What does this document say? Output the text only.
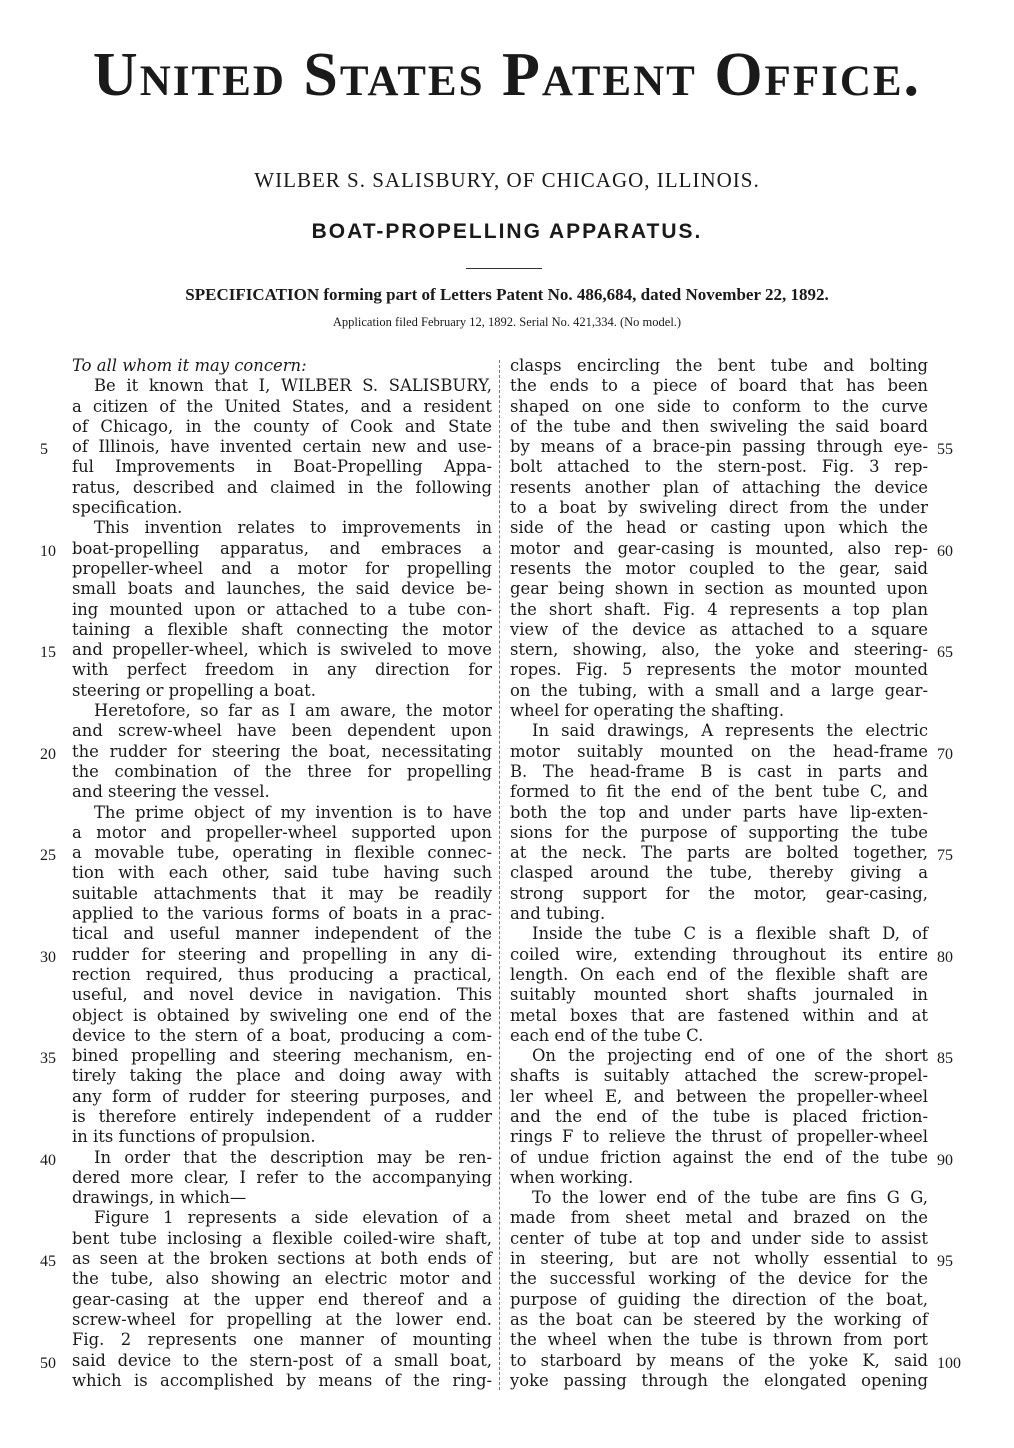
United States Patent Office.

WILBER S. SALISBURY, OF CHICAGO, ILLINOIS.

BOAT-PROPELLING APPARATUS.

SPECIFICATION forming part of Letters Patent No. 486,684, dated November 22, 1892.

Application filed February 12, 1892. Serial No. 421,334. (No model.)

To all whom it may concern:
Be it known that I, WILBER S. SALISBURY,
a citizen of the United States, and a resident
of Chicago, in the county of Cook and State
of Illinois, have invented certain new and use-
ful Improvements in Boat-Propelling Appa-
ratus, described and claimed in the following
specification.
This invention relates to improvements in
boat-propelling apparatus, and embraces a
propeller-wheel and a motor for propelling
small boats and launches, the said device be-
ing mounted upon or attached to a tube con-
taining a flexible shaft connecting the motor
and propeller-wheel, which is swiveled to move
with perfect freedom in any direction for
steering or propelling a boat.
Heretofore, so far as I am aware, the motor
and screw-wheel have been dependent upon
the rudder for steering the boat, necessitating
the combination of the three for propelling
and steering the vessel.
The prime object of my invention is to have
a motor and propeller-wheel supported upon
a movable tube, operating in flexible connec-
tion with each other, said tube having such
suitable attachments that it may be readily
applied to the various forms of boats in a prac-
tical and useful manner independent of the
rudder for steering and propelling in any di-
rection required, thus producing a practical,
useful, and novel device in navigation. This
object is obtained by swiveling one end of the
device to the stern of a boat, producing a com-
bined propelling and steering mechanism, en-
tirely taking the place and doing away with
any form of rudder for steering purposes, and
is therefore entirely independent of a rudder
in its functions of propulsion.
In order that the description may be ren-
dered more clear, I refer to the accompanying
drawings, in which—
Figure 1 represents a side elevation of a
bent tube inclosing a flexible coiled-wire shaft,
as seen at the broken sections at both ends of
the tube, also showing an electric motor and
gear-casing at the upper end thereof and a
screw-wheel for propelling at the lower end.
Fig. 2 represents one manner of mounting
said device to the stern-post of a small boat,
which is accomplished by means of the ring-
clasps encircling the bent tube and bolting
the ends to a piece of board that has been
shaped on one side to conform to the curve
of the tube and then swiveling the said board
by means of a brace-pin passing through eye-
bolt attached to the stern-post. Fig. 3 rep-
resents another plan of attaching the device
to a boat by swiveling direct from the under
side of the head or casting upon which the
motor and gear-casing is mounted, also rep-
resents the motor coupled to the gear, said
gear being shown in section as mounted upon
the short shaft. Fig. 4 represents a top plan
view of the device as attached to a square
stern, showing, also, the yoke and steering-
ropes. Fig. 5 represents the motor mounted
on the tubing, with a small and a large gear-
wheel for operating the shafting.
In said drawings, A represents the electric
motor suitably mounted on the head-frame
B. The head-frame B is cast in parts and
formed to fit the end of the bent tube C, and
both the top and under parts have lip-exten-
sions for the purpose of supporting the tube
at the neck. The parts are bolted together,
clasped around the tube, thereby giving a
strong support for the motor, gear-casing,
and tubing.
Inside the tube C is a flexible shaft D, of
coiled wire, extending throughout its entire
length. On each end of the flexible shaft are
suitably mounted short shafts journaled in
metal boxes that are fastened within and at
each end of the tube C.
On the projecting end of one of the short
shafts is suitably attached the screw-propel-
ler wheel E, and between the propeller-wheel
and the end of the tube is placed friction-
rings F to relieve the thrust of propeller-wheel
of undue friction against the end of the tube
when working.
To the lower end of the tube are fins G G,
made from sheet metal and brazed on the
center of tube at top and under side to assist
in steering, but are not wholly essential to
the successful working of the device for the
purpose of guiding the direction of the boat,
as the boat can be steered by the working of
the wheel when the tube is thrown from port
to starboard by means of the yoke K, said
yoke passing through the elongated opening
5
10
15
20
25
30
35
40
45
50
55
60
65
70
75
80
85
90
95
100
